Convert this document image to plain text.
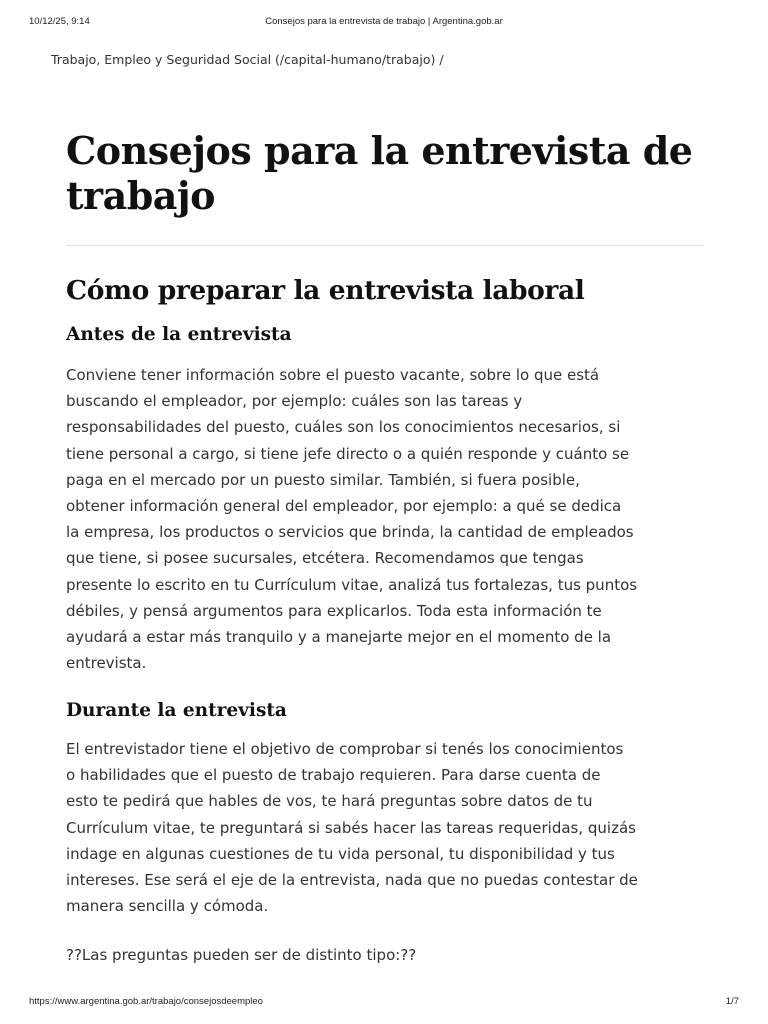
10/12/25, 9:14	Consejos para la entrevista de trabajo | Argentina.gob.ar
Trabajo, Empleo y Seguridad Social (/capital-humano/trabajo) /
Consejos para la entrevista de trabajo
Cómo preparar la entrevista laboral
Antes de la entrevista

Conviene tener información sobre el puesto vacante, sobre lo que está
buscando el empleador, por ejemplo: cuáles son las tareas y
responsabilidades del puesto, cuáles son los conocimientos necesarios, si
tiene personal a cargo, si tiene jefe directo o a quién responde y cuánto se
paga en el mercado por un puesto similar. También, si fuera posible,
obtener información general del empleador, por ejemplo: a qué se dedica
la empresa, los productos o servicios que brinda, la cantidad de empleados
que tiene, si posee sucursales, etcétera. Recomendamos que tengas
presente lo escrito en tu Currículum vitae, analizá tus fortalezas, tus puntos
débiles, y pensá argumentos para explicarlos. Toda esta información te
ayudará a estar más tranquilo y a manejarte mejor en el momento de la
entrevista.

Durante la entrevista

El entrevistador tiene el objetivo de comprobar si tenés los conocimientos
o habilidades que el puesto de trabajo requieren. Para darse cuenta de
esto te pedirá que hables de vos, te hará preguntas sobre datos de tu
Currículum vitae, te preguntará si sabés hacer las tareas requeridas, quizás
indage en algunas cuestiones de tu vida personal, tu disponibilidad y tus
intereses. Ese será el eje de la entrevista, nada que no puedas contestar de
manera sencilla y cómoda.

??Las preguntas pueden ser de distinto tipo:??

https://www.argentina.gob.ar/trabajo/consejosdeempleo	1/7
